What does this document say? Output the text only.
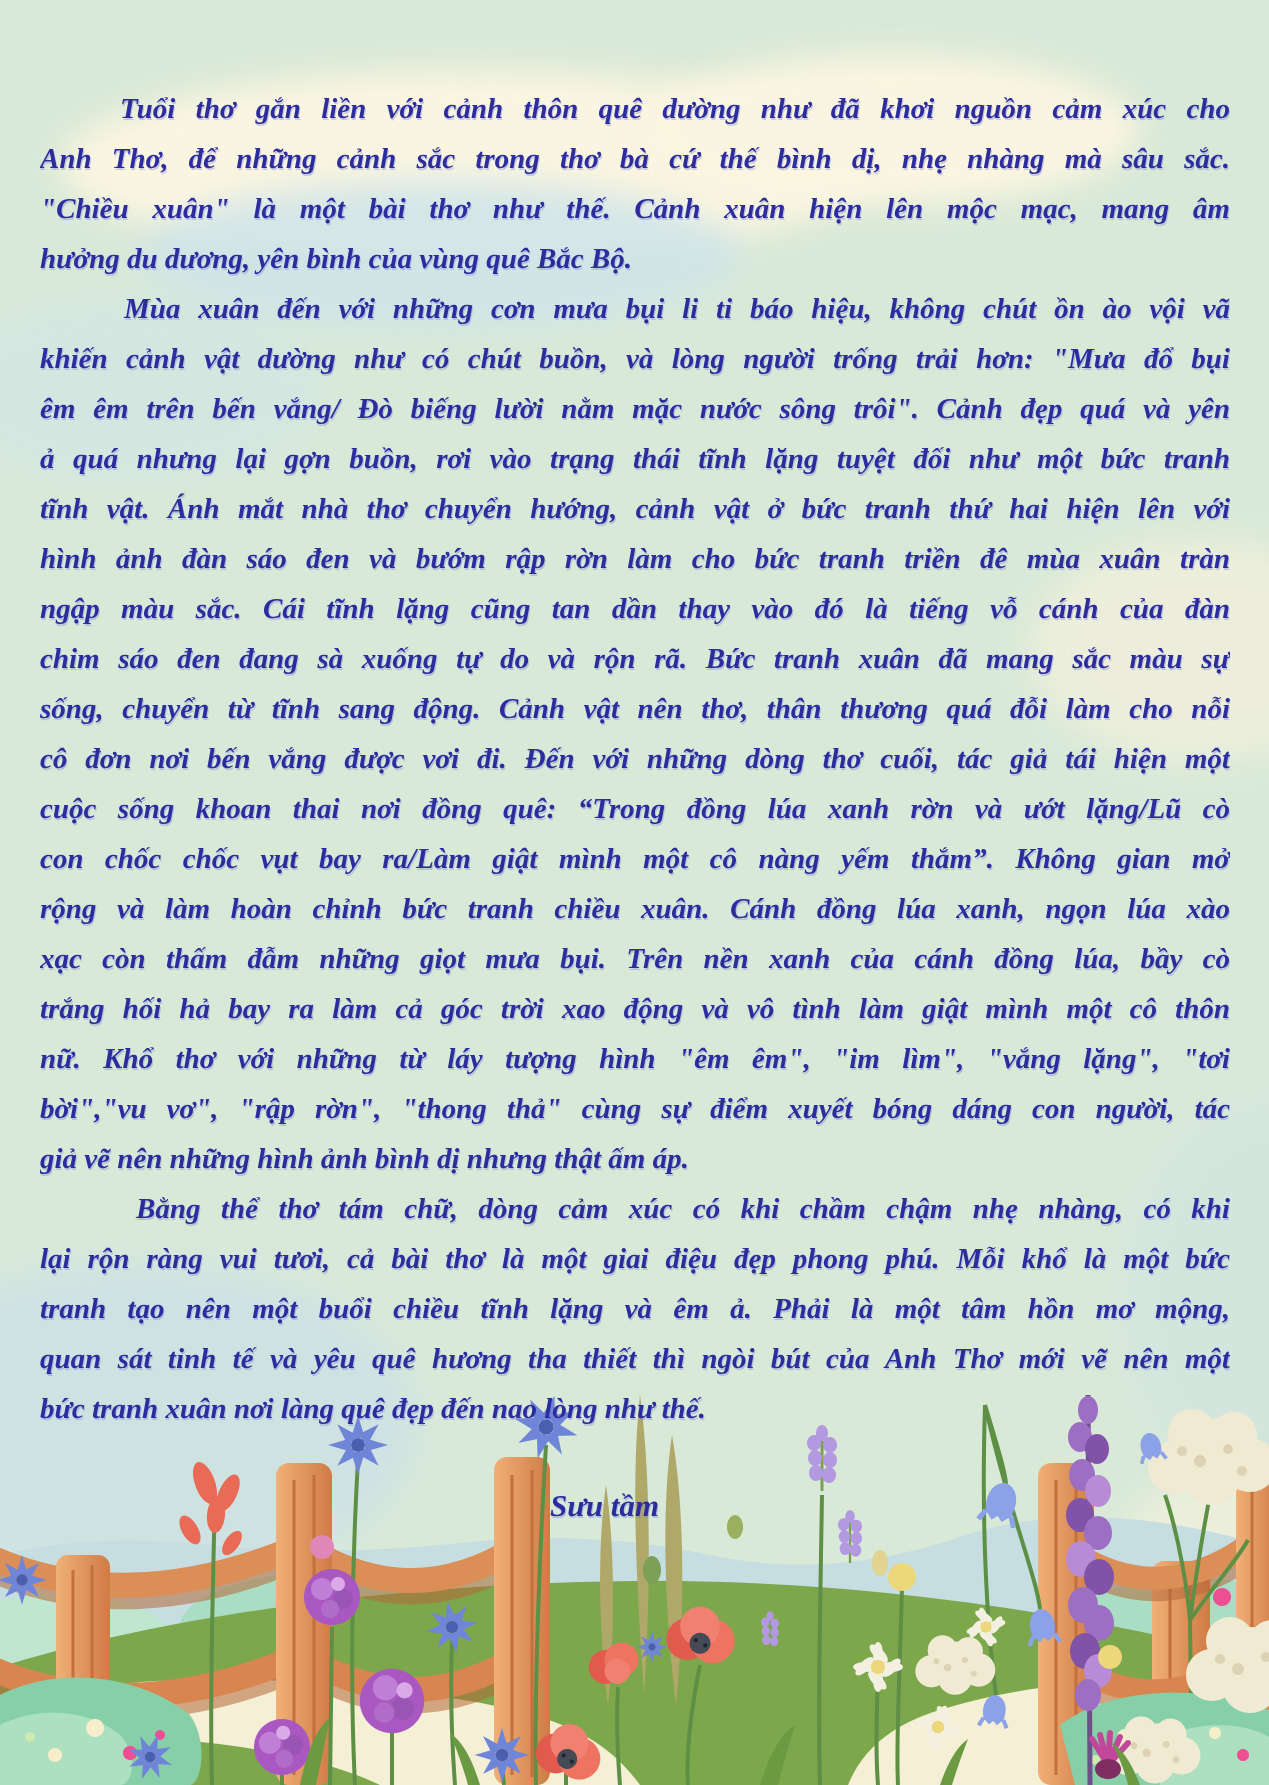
Tuổi thơ gắn liền với cảnh thôn quê dường như đã khơi nguồn cảm xúc cho
Anh Thơ, để những cảnh sắc trong thơ bà cứ thế bình dị, nhẹ nhàng mà sâu sắc.
"Chiều xuân" là một bài thơ như thế. Cảnh xuân hiện lên mộc mạc, mang âm
hưởng du dương, yên bình của vùng quê Bắc Bộ.
Mùa xuân đến với những cơn mưa bụi li ti báo hiệu, không chút ồn ào vội vã
khiến cảnh vật dường như có chút buồn, và lòng người trống trải hơn: "Mưa đổ bụi
êm êm trên bến vắng/ Đò biếng lười nằm mặc nước sông trôi". Cảnh đẹp quá và yên
ả quá nhưng lại gợn buồn, rơi vào trạng thái tĩnh lặng tuyệt đối như một bức tranh
tĩnh vật. Ánh mắt nhà thơ chuyển hướng, cảnh vật ở bức tranh thứ hai hiện lên với
hình ảnh đàn sáo đen và bướm rập rờn làm cho bức tranh triền đê mùa xuân tràn
ngập màu sắc. Cái tĩnh lặng cũng tan dần thay vào đó là tiếng vỗ cánh của đàn
chim sáo đen đang sà xuống tự do và rộn rã. Bức tranh xuân đã mang sắc màu sự
sống, chuyển từ tĩnh sang động. Cảnh vật nên thơ, thân thương quá đỗi làm cho nỗi
cô đơn nơi bến vắng được vơi đi. Đến với những dòng thơ cuối, tác giả tái hiện một
cuộc sống khoan thai nơi đồng quê: “Trong đồng lúa xanh rờn và ướt lặng/Lũ cò
con chốc chốc vụt bay ra/Làm giật mình một cô nàng yếm thắm”. Không gian mở
rộng và làm hoàn chỉnh bức tranh chiều xuân. Cánh đồng lúa xanh, ngọn lúa xào
xạc còn thấm đẫm những giọt mưa bụi. Trên nền xanh của cánh đồng lúa, bầy cò
trắng hối hả bay ra làm cả góc trời xao động và vô tình làm giật mình một cô thôn
nữ. Khổ thơ với những từ láy tượng hình "êm êm", "im lìm", "vắng lặng", "tơi
bời","vu vơ", "rập rờn", "thong thả" cùng sự điểm xuyết bóng dáng con người, tác
giả vẽ nên những hình ảnh bình dị nhưng thật ấm áp.
Bằng thể thơ tám chữ, dòng cảm xúc có khi chầm chậm nhẹ nhàng, có khi
lại rộn ràng vui tươi, cả bài thơ là một giai điệu đẹp phong phú. Mỗi khổ là một bức
tranh tạo nên một buổi chiều tĩnh lặng và êm ả. Phải là một tâm hồn mơ mộng,
quan sát tinh tế và yêu quê hương tha thiết thì ngòi bút của Anh Thơ mới vẽ nên một
bức tranh xuân nơi làng quê đẹp đến nao lòng như thế.
Sưu tầm
